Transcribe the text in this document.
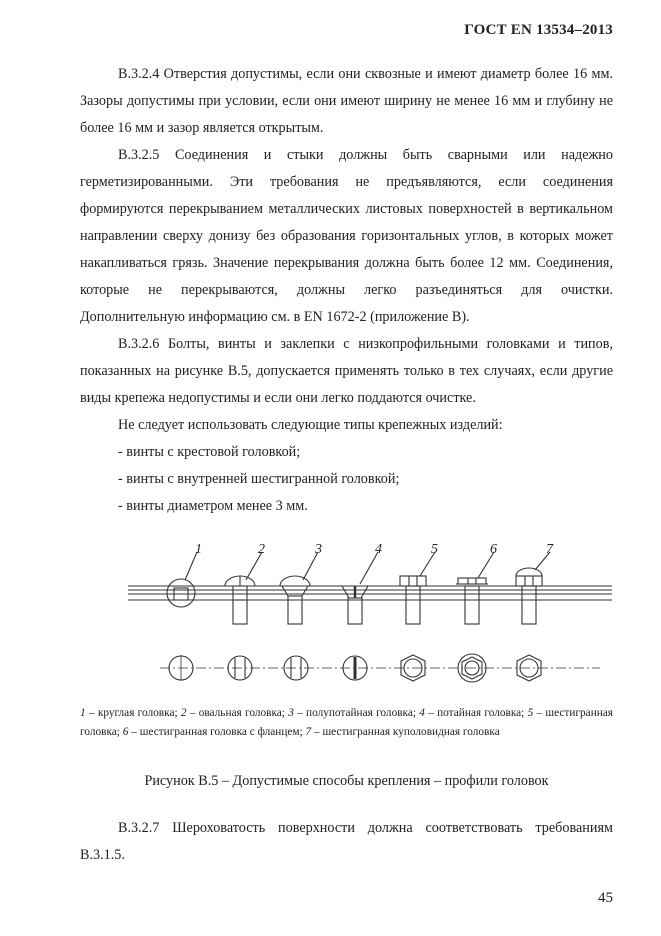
ГОСТ EN 13534–2013

B.3.2.4 Отверстия допустимы, если они сквозные и имеют диаметр более 16 мм. Зазоры допустимы при условии, если они имеют ширину не менее 16 мм и глубину не более 16 мм и зазор является открытым.

B.3.2.5 Соединения и стыки должны быть сварными или надежно герметизированными. Эти требования не предъявляются, если соединения формируются перекрыванием металлических листовых поверхностей в вертикальном направлении сверху донизу без образования горизонтальных углов, в которых может накапливаться грязь. Значение перекрывания должна быть более 12 мм. Соединения, которые не перекрываются, должны легко разъединяться для очистки. Дополнительную информацию см. в EN 1672-2 (приложение B).

B.3.2.6 Болты, винты и заклепки с низкопрофильными головками и типов, показанных на рисунке B.5, допускается применять только в тех случаях, если другие виды крепежа недопустимы и если они легко поддаются очистке.

Не следует использовать следующие типы крепежных изделий:

- винты с крестовой головкой;

- винты с внутренней шестигранной головкой;

- винты диаметром менее 3 мм.

1	2	3	4	5	6	7
1 – круглая головка; 2 – овальная головка; 3 – полупотайная головка; 4 – потайная головка; 5 – шестигранная головка; 6 – шестигранная головка с фланцем; 7 – шестигранная куполовидная головка
Рисунок B.5 – Допустимые способы крепления – профили головок

B.3.2.7 Шероховатость поверхности должна соответствовать требованиям B.3.1.5.

45
